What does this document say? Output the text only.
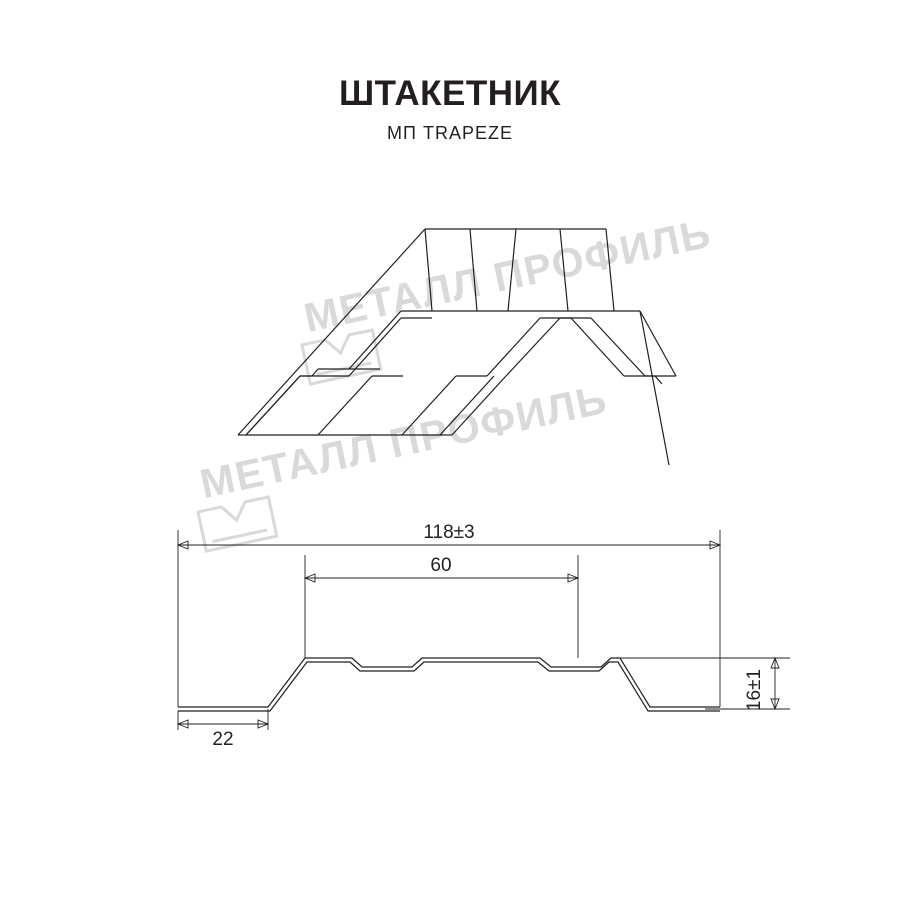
ШТАКЕТНИК
МП TRAPEZE
МЕТАЛЛ ПРОФИЛЬ
МЕТАЛЛ ПРОФИЛЬ
118±3
60
16±1
22
